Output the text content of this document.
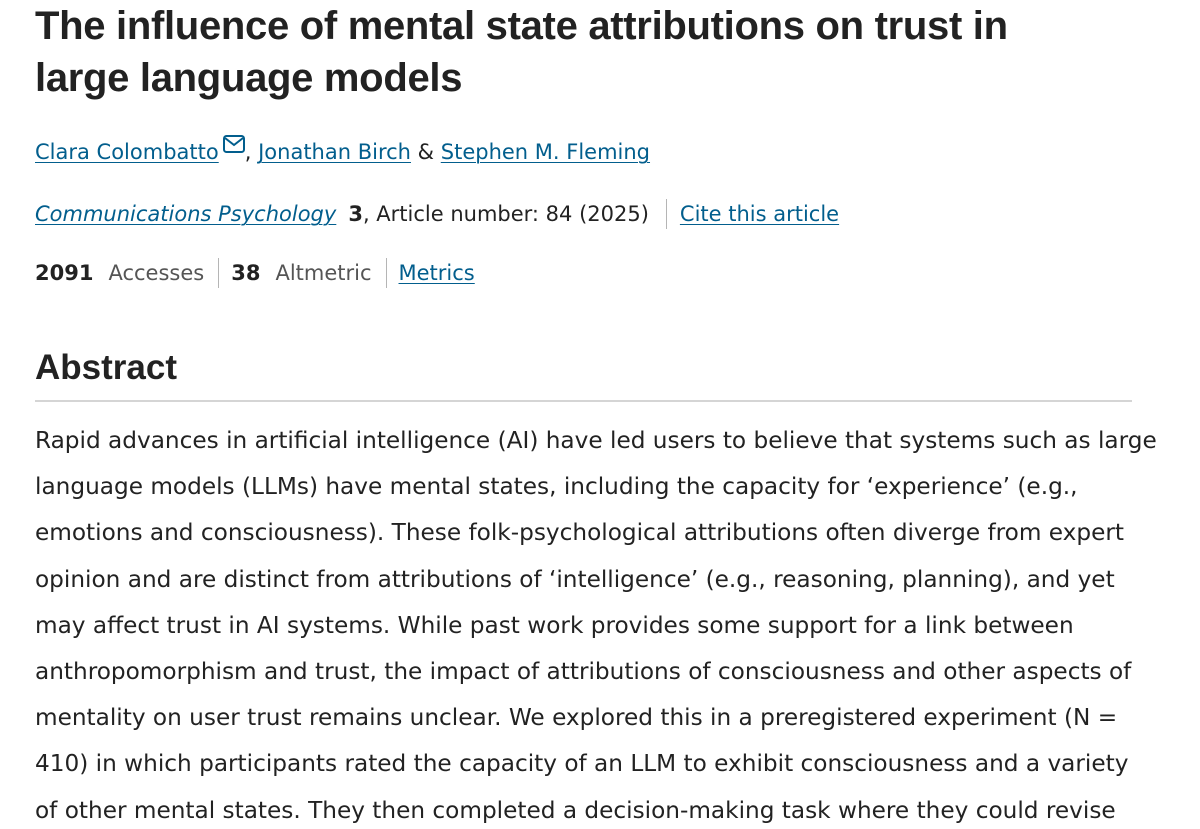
The influence of mental state attributions on trust in
large language models
Clara Colombatto , Jonathan Birch & Stephen M. Fleming
Communications Psychology 3 , Article number: 84 (2025) Cite this article
2091 Accesses 38 Altmetric Metrics
Abstract

Rapid advances in artificial intelligence (AI) have led users to believe that systems such as large
language models (LLMs) have mental states, including the capacity for ‘experience’ (e.g.,
emotions and consciousness). These folk-psychological attributions often diverge from expert
opinion and are distinct from attributions of ‘intelligence’ (e.g., reasoning, planning), and yet
may affect trust in AI systems. While past work provides some support for a link between
anthropomorphism and trust, the impact of attributions of consciousness and other aspects of
mentality on user trust remains unclear. We explored this in a preregistered experiment (N =
410) in which participants rated the capacity of an LLM to exhibit consciousness and a variety
of other mental states. They then completed a decision-making task where they could revise
